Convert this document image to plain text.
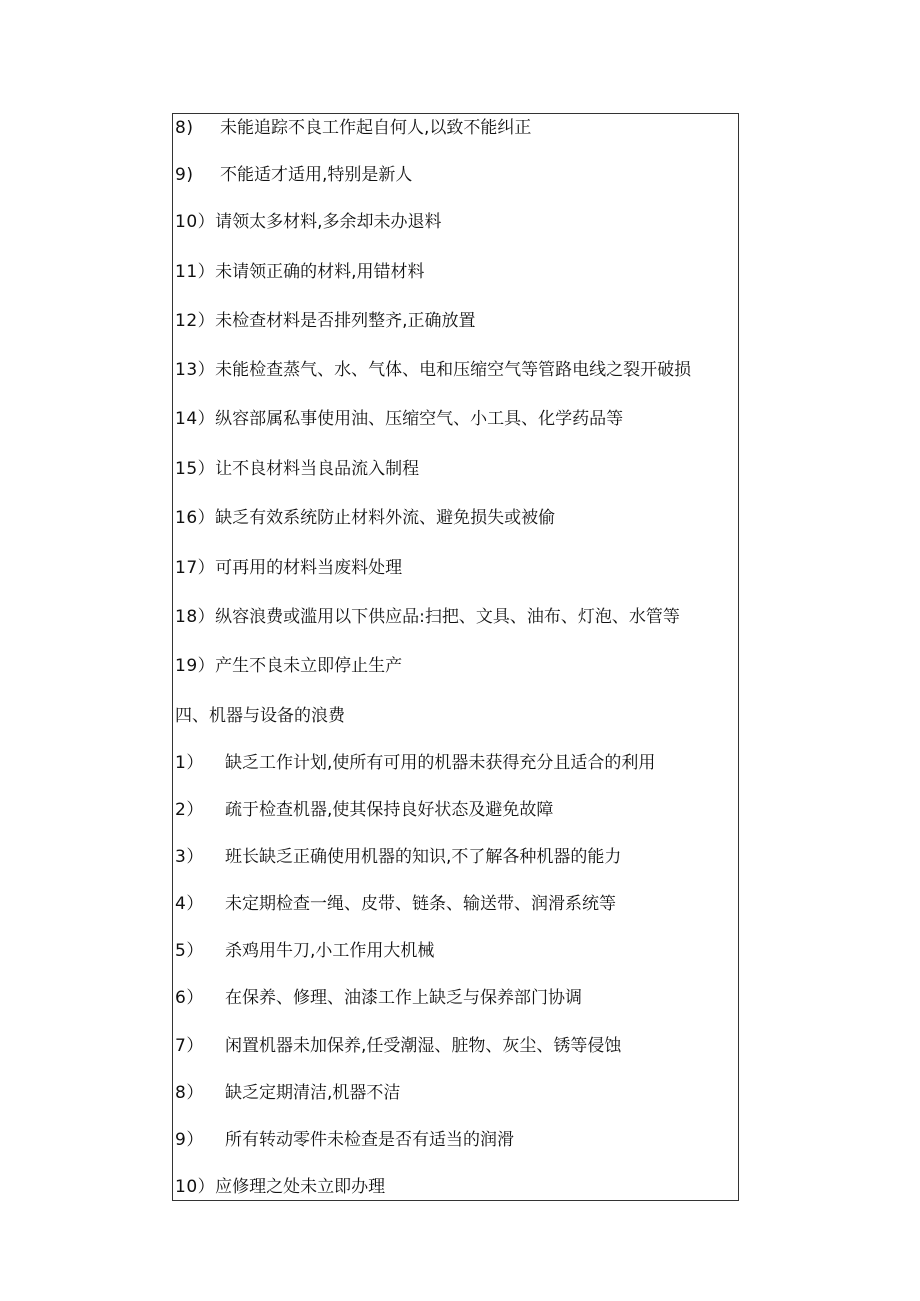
8)	未能追踪不良工作起自何人,以致不能纠正
9)	不能适才适用,特别是新人
10） 请领太多材料,多余却未办退料
11） 未请领正确的材料,用错材料
12） 未检查材料是否排列整齐,正确放置
13） 未能检查蒸气、水、气体、电和压缩空气等管路电线之裂开破损
14） 纵容部属私事使用油、压缩空气、小工具、化学药品等
15） 让不良材料当良品流入制程
16） 缺乏有效系统防止材料外流、避免损失或被偷
17） 可再用的材料当废料处理
18） 纵容浪费或滥用以下供应品:扫把、文具、油布、灯泡、水管等
19） 产生不良未立即停止生产
四、机器与设备的浪费
1）	缺乏工作计划,使所有可用的机器未获得充分且适合的利用
2）	疏于检查机器,使其保持良好状态及避免故障
3）	班长缺乏正确使用机器的知识,不了解各种机器的能力
4）	未定期检查一绳、皮带、链条、输送带、润滑系统等
5）	杀鸡用牛刀,小工作用大机械
6）	在保养、修理、油漆工作上缺乏与保养部门协调
7）	闲置机器未加保养,任受潮湿、脏物、灰尘、锈等侵蚀
8）	缺乏定期清洁,机器不洁
9）	所有转动零件未检查是否有适当的润滑
10） 应修理之处未立即办理
